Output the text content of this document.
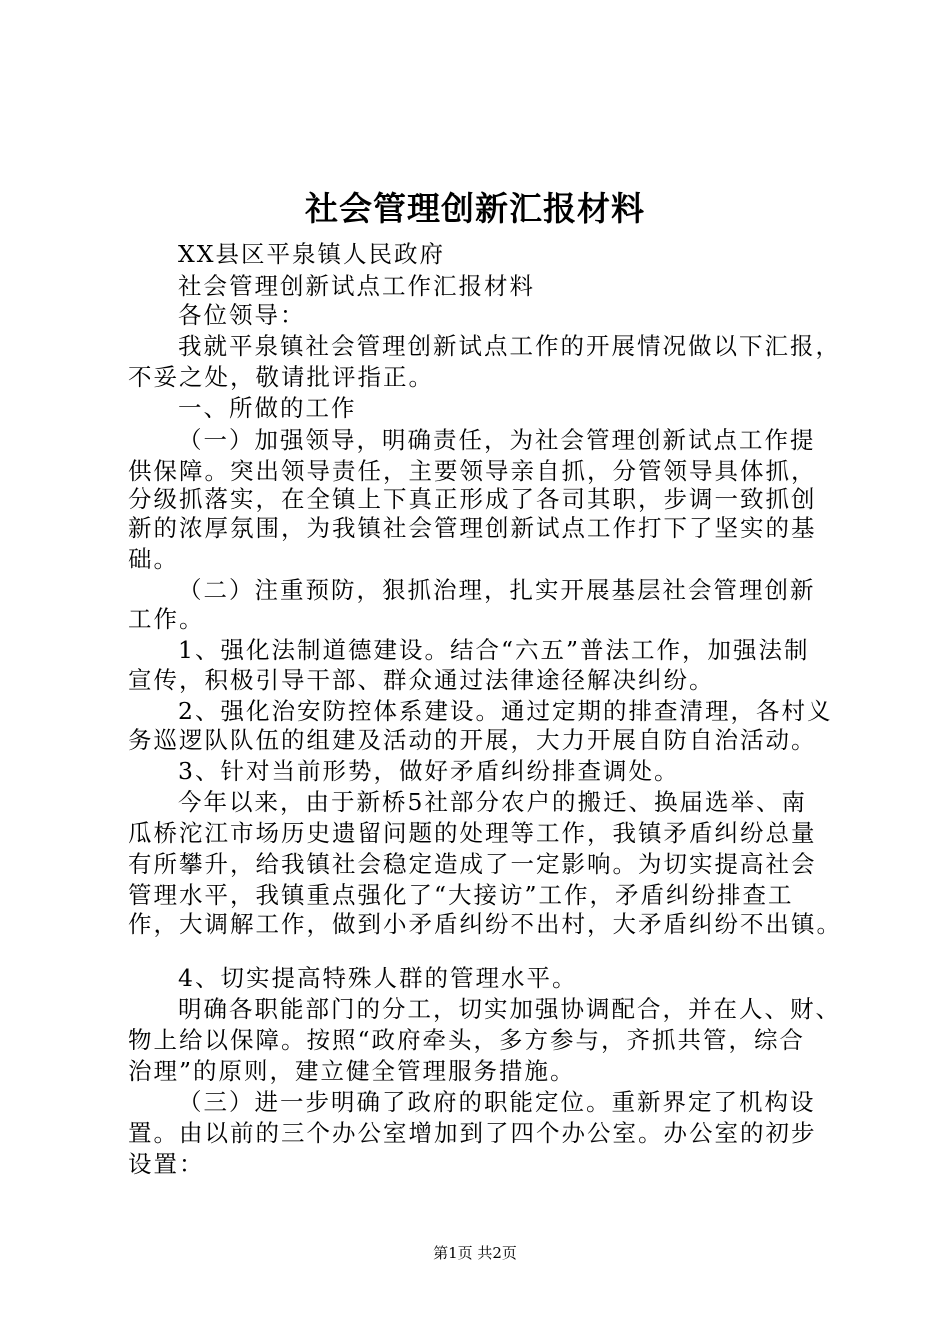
社会管理创新汇报材料

XX县区平泉镇人民政府

社会管理创新试点工作汇报材料

各位领导：

我就平泉镇社会管理创新试点工作的开展情况做以下汇报，

不妥之处，敬请批评指正。

一、所做的工作

（一）加强领导，明确责任，为社会管理创新试点工作提

供保障。突出领导责任，主要领导亲自抓，分管领导具体抓，

分级抓落实，在全镇上下真正形成了各司其职，步调一致抓创

新的浓厚氛围，为我镇社会管理创新试点工作打下了坚实的基

础。

（二）注重预防，狠抓治理，扎实开展基层社会管理创新

工作。

1、强化法制道德建设。结合“六五”普法工作，加强法制

宣传，积极引导干部、群众通过法律途径解决纠纷。

2、强化治安防控体系建设。通过定期的排查清理，各村义

务巡逻队队伍的组建及活动的开展，大力开展自防自治活动。

3、针对当前形势，做好矛盾纠纷排查调处。

今年以来，由于新桥5社部分农户的搬迁、换届选举、南

瓜桥沱江市场历史遗留问题的处理等工作，我镇矛盾纠纷总量

有所攀升，给我镇社会稳定造成了一定影响。为切实提高社会

管理水平，我镇重点强化了“大接访”工作，矛盾纠纷排查工

作，大调解工作，做到小矛盾纠纷不出村，大矛盾纠纷不出镇。

4、切实提高特殊人群的管理水平。

明确各职能部门的分工，切实加强协调配合，并在人、财、

物上给以保障。按照“政府牵头，多方参与，齐抓共管，综合

治理”的原则，建立健全管理服务措施。

（三）进一步明确了政府的职能定位。重新界定了机构设

置。由以前的三个办公室增加到了四个办公室。办公室的初步

设置：

第1页 共2页
